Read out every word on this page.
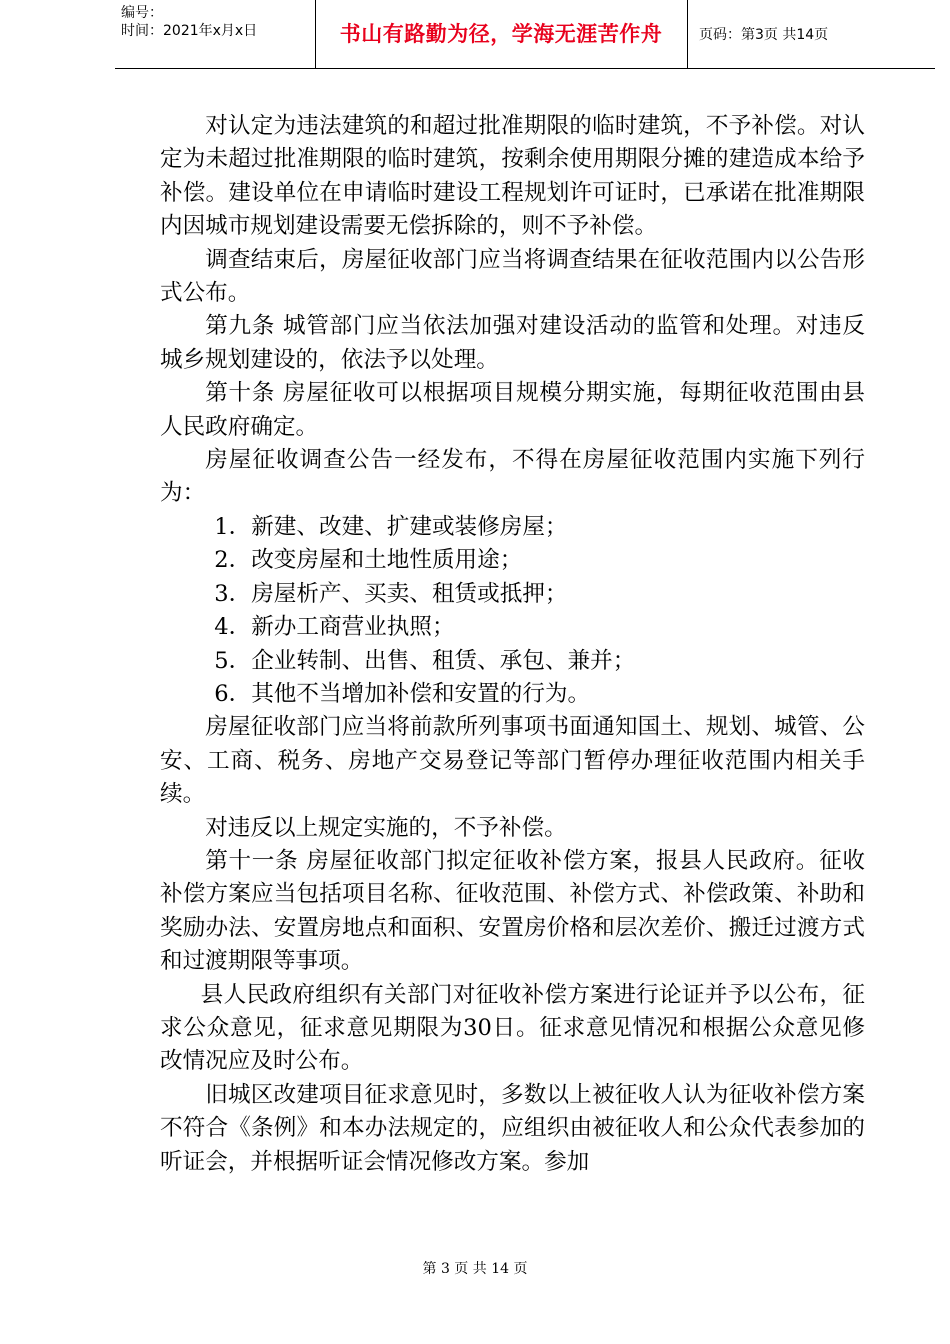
编号：
时间：2021年x月x日	书山有路勤为径，学海无涯苦作舟	页码：第3页 共14页

对认定为违法建筑的和超过批准期限的临时建筑，不予补偿。对认定为未超过批准期限的临时建筑，按剩余使用期限分摊的建造成本给予补偿。建设单位在申请临时建设工程规划许可证时，已承诺在批准期限内因城市规划建设需要无偿拆除的，则不予补偿。

调查结束后，房屋征收部门应当将调查结果在征收范围内以公告形式公布。

第九条 城管部门应当依法加强对建设活动的监管和处理。对违反城乡规划建设的，依法予以处理。

第十条 房屋征收可以根据项目规模分期实施，每期征收范围由县人民政府确定。

房屋征收调查公告一经发布，不得在房屋征收范围内实施下列行为：

1．新建、改建、扩建或装修房屋；

2．改变房屋和土地性质用途；

3．房屋析产、买卖、租赁或抵押；

4．新办工商营业执照；

5．企业转制、出售、租赁、承包、兼并；

6．其他不当增加补偿和安置的行为。

房屋征收部门应当将前款所列事项书面通知国土、规划、城管、公安、工商、税务、房地产交易登记等部门暂停办理征收范围内相关手续。

对违反以上规定实施的，不予补偿。

第十一条 房屋征收部门拟定征收补偿方案，报县人民政府。征收补偿方案应当包括项目名称、征收范围、补偿方式、补偿政策、补助和奖励办法、安置房地点和面积、安置房价格和层次差价、搬迁过渡方式和过渡期限等事项。

县人民政府组织有关部门对征收补偿方案进行论证并予以公布，征求公众意见，征求意见期限为30日。征求意见情况和根据公众意见修改情况应及时公布。

旧城区改建项目征求意见时，多数以上被征收人认为征收补偿方案不符合《条例》和本办法规定的，应组织由被征收人和公众代表参加的听证会，并根据听证会情况修改方案。参加

第 3 页 共 14 页
